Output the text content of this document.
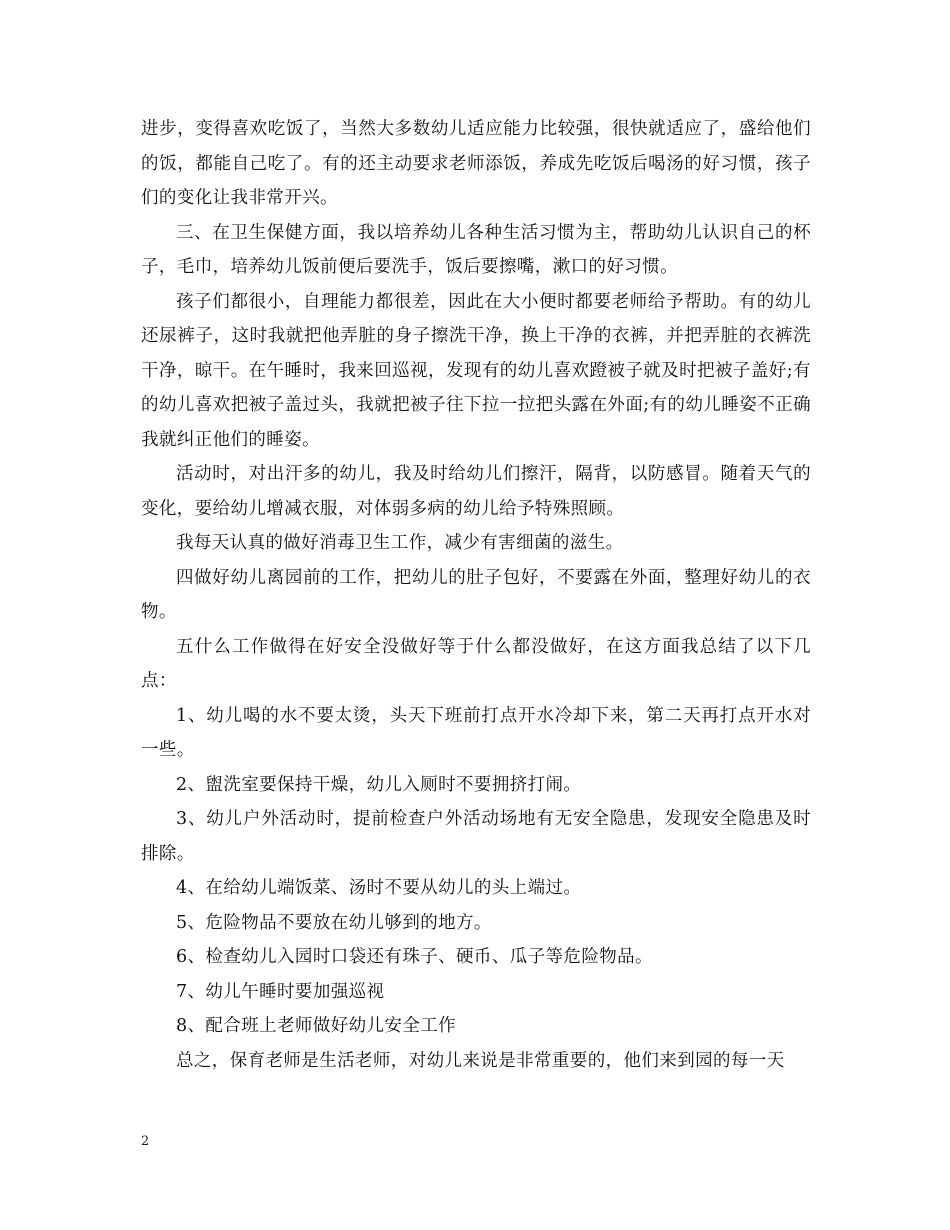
进步，变得喜欢吃饭了，当然大多数幼儿适应能力比较强，很快就适应了，盛给他们的饭，都能自己吃了。有的还主动要求老师添饭，养成先吃饭后喝汤的好习惯，孩子们的变化让我非常开兴。

三、在卫生保健方面，我以培养幼儿各种生活习惯为主，帮助幼儿认识自己的杯子，毛巾，培养幼儿饭前便后要洗手，饭后要擦嘴，漱口的好习惯。

孩子们都很小，自理能力都很差，因此在大小便时都要老师给予帮助。有的幼儿还尿裤子，这时我就把他弄脏的身子擦洗干净，换上干净的衣裤，并把弄脏的衣裤洗干净，晾干。在午睡时，我来回巡视，发现有的幼儿喜欢蹬被子就及时把被子盖好;有的幼儿喜欢把被子盖过头，我就把被子往下拉一拉把头露在外面;有的幼儿睡姿不正确我就纠正他们的睡姿。

活动时，对出汗多的幼儿，我及时给幼儿们擦汗，隔背，以防感冒。随着天气的变化，要给幼儿增减衣服，对体弱多病的幼儿给予特殊照顾。

我每天认真的做好消毒卫生工作，减少有害细菌的滋生。

四做好幼儿离园前的工作，把幼儿的肚子包好，不要露在外面，整理好幼儿的衣物。

五什么工作做得在好安全没做好等于什么都没做好，在这方面我总结了以下几点：

1、幼儿喝的水不要太烫，头天下班前打点开水冷却下来，第二天再打点开水对一些。

2、盥洗室要保持干燥，幼儿入厕时不要拥挤打闹。

3、幼儿户外活动时，提前检查户外活动场地有无安全隐患，发现安全隐患及时排除。

4、在给幼儿端饭菜、汤时不要从幼儿的头上端过。

5、危险物品不要放在幼儿够到的地方。

6、检查幼儿入园时口袋还有珠子、硬币、瓜子等危险物品。

7、幼儿午睡时要加强巡视

8、配合班上老师做好幼儿安全工作

总之，保育老师是生活老师，对幼儿来说是非常重要的，他们来到园的每一天

2
